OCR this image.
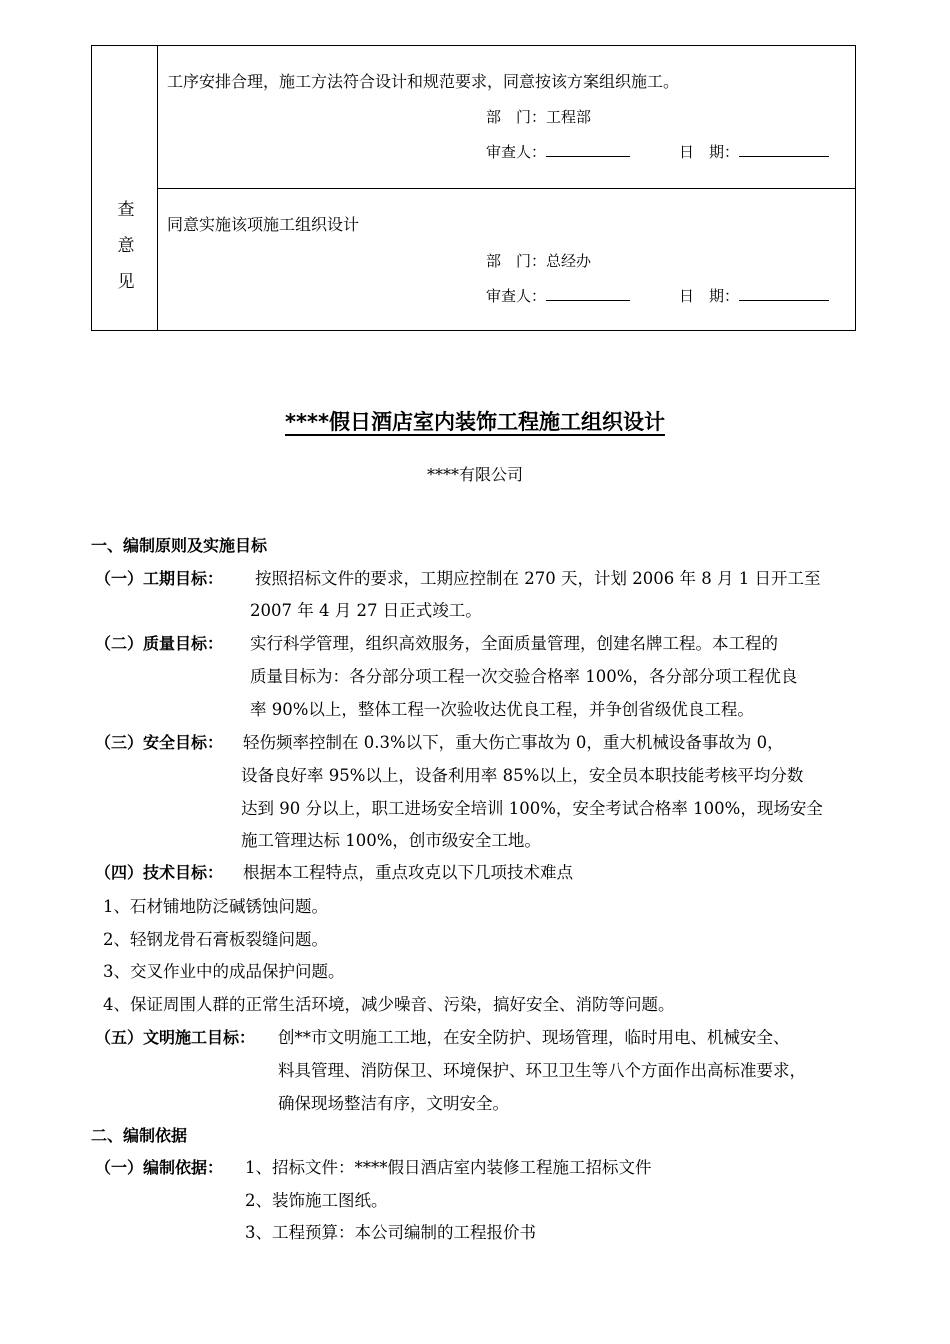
查
意
见
工序安排合理，施工方法符合设计和规范要求，同意按该方案组织施工。
部　门：工程部
审查人：	日　期：
同意实施该项施工组织设计
部　门：总经办
审查人：	日　期：
****假日酒店室内装饰工程施工组织设计
****有限公司
一、编制原则及实施目标
（一）工期目标： 按照招标文件的要求，工期应控制在 270 天，计划 2006 年 8 月 1 日开工至
2007 年 4 月 27 日正式竣工。
（二）质量目标： 实行科学管理，组织高效服务，全面质量管理，创建名牌工程。本工程的
质量目标为：各分部分项工程一次交验合格率 100%，各分部分项工程优良
率 90%以上，整体工程一次验收达优良工程，并争创省级优良工程。
（三）安全目标： 轻伤频率控制在 0.3%以下，重大伤亡事故为 0，重大机械设备事故为 0，
设备良好率 95%以上，设备利用率 85%以上，安全员本职技能考核平均分数
达到 90 分以上，职工进场安全培训 100%，安全考试合格率 100%，现场安全
施工管理达标 100%，创市级安全工地。
（四）技术目标： 根据本工程特点，重点攻克以下几项技术难点
1、石材铺地防泛碱锈蚀问题。
2、轻钢龙骨石膏板裂缝问题。
3、交叉作业中的成品保护问题。
4、保证周围人群的正常生活环境，减少噪音、污染，搞好安全、消防等问题。
（五）文明施工目标： 创**市文明施工工地，在安全防护、现场管理，临时用电、机械安全、
料具管理、消防保卫、环境保护、环卫卫生等八个方面作出高标准要求，
确保现场整洁有序，文明安全。
二、编制依据
（一）编制依据： 1、招标文件：****假日酒店室内装修工程施工招标文件
2、装饰施工图纸。
3、工程预算：本公司编制的工程报价书
